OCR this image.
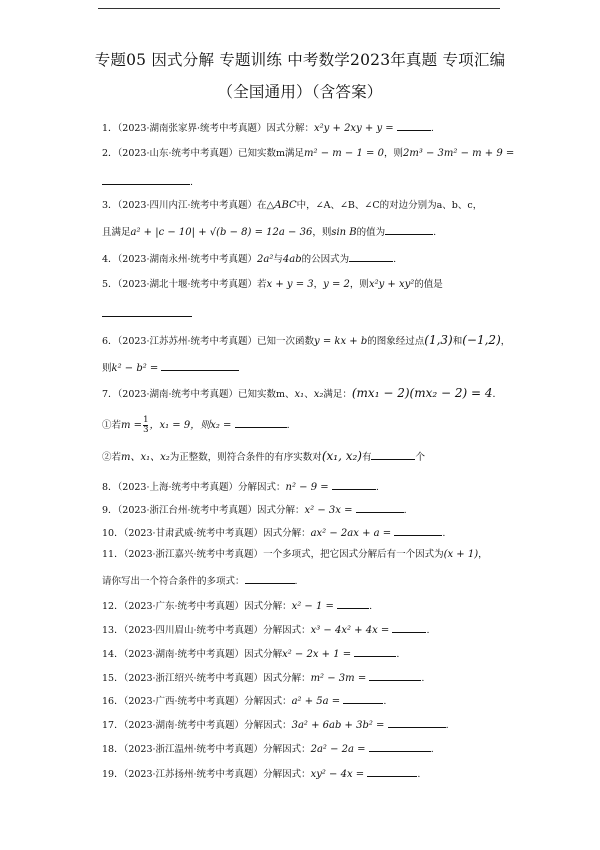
专题05 因式分解 专题训练 中考数学2023年真题 专项汇编
（全国通用）（含答案）
1．（2023·湖南张家界·统考中考真题）因式分解：x²y + 2xy + y =	.
2．（2023·山东·统考中考真题）已知实数m满足m² − m − 1 = 0，则2m³ − 3m² − m + 9 =
.
3．（2023·四川内江·统考中考真题）在△ABC中，∠A、∠B、∠C的对边分别为a、b、c，
且满足a² + |c − 10| + √(b − 8) = 12a − 36，则sin B的值为	.
4．（2023·湖南永州·统考中考真题）2a²与4ab的公因式为	.
5．（2023·湖北十堰·统考中考真题）若x + y = 3，y = 2，则x²y + xy²的值是
6．（2023·江苏苏州·统考中考真题）已知一次函数y = kx + b的图象经过点(1,3)和(−1,2)，
则k² − b² =
7．（2023·湖南·统考中考真题）已知实数m、x₁、x₂满足：(mx₁ − 2)(mx₂ − 2) = 4．
①若$m = \frac{1}{3}$ ，x₁ = 9，则x₂ =	.
②若m、x₁、x₂为正整数，则符合条件的有序实数对(x₁, x₂)有	个
8．（2023·上海·统考中考真题）分解因式：n² − 9 =	.
9．（2023·浙江台州·统考中考真题）因式分解：x² − 3x =	.
10．（2023·甘肃武威·统考中考真题）因式分解：ax² − 2ax + a =	.
11．（2023·浙江嘉兴·统考中考真题）一个多项式，把它因式分解后有一个因式为(x + 1)，
请你写出一个符合条件的多项式：	.
12．（2023·广东·统考中考真题）因式分解：x² − 1 =	.
13．（2023·四川眉山·统考中考真题）分解因式：x³ − 4x² + 4x =	.
14．（2023·湖南·统考中考真题）因式分解x² − 2x + 1 =	.
15．（2023·浙江绍兴·统考中考真题）因式分解：m² − 3m =	.
16．（2023·广西·统考中考真题）分解因式：a² + 5a =	.
17．（2023·湖南·统考中考真题）分解因式：3a² + 6ab + 3b² =	.
18．（2023·浙江温州·统考中考真题）分解因式：2a² − 2a =	.
19．（2023·江苏扬州·统考中考真题）分解因式：xy² − 4x =	.
